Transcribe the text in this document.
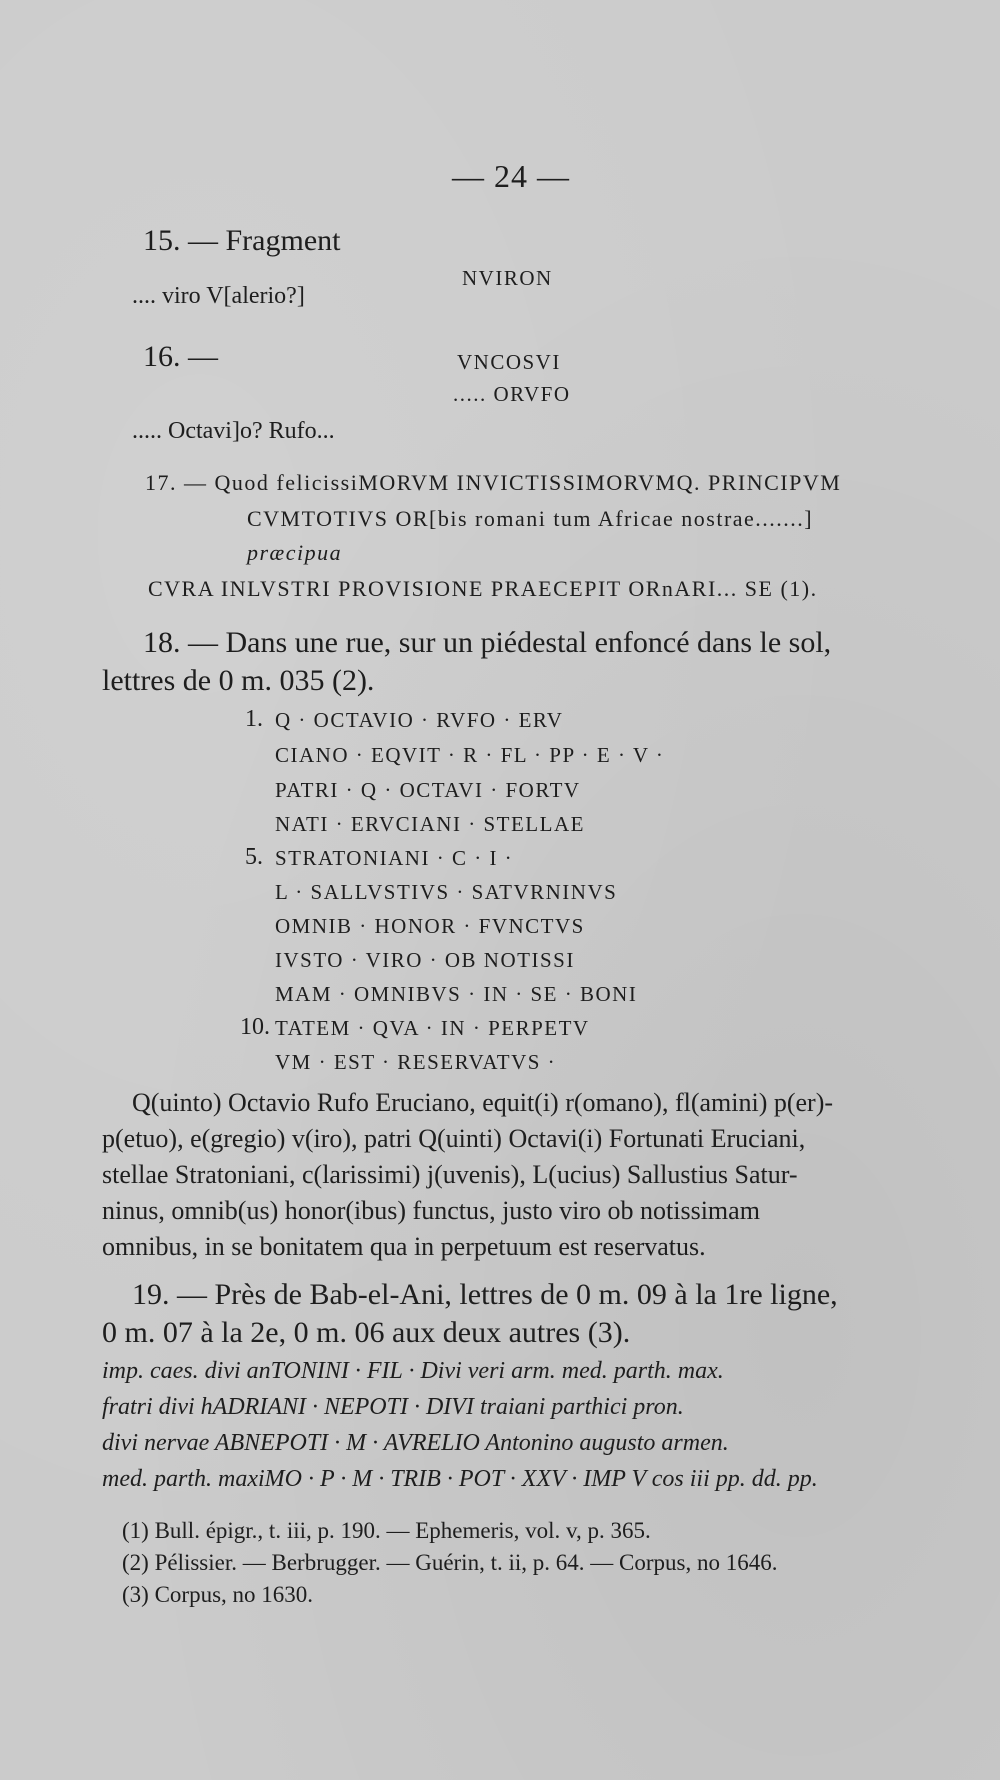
— 24 —
15. — Fragment
NVIRON
.... viro V[alerio?]
16. —	VNCOSVI
..... ORVFO
..... Octavi]o? Rufo...
17. — Quod felicissiMORVM INVICTISSIMORVMQ. PRINCIPVM
CVMTOTIVS OR[bis romani tum Africae nostrae.......]
præcipua
CVRA INLVSTRI PROVISIONE PRAECEPIT ORnARI... SE (1).
18. — Dans une rue, sur un piédestal enfoncé dans le sol,
lettres de 0 m. 035 (2).
1. Q · OCTAVIO · RVFO · ERV
CIANO · EQVIT · R · FL · PP · E · V ·
PATRI · Q · OCTAVI · FORTV
NATI · ERVCIANI · STELLAE
5. STRATONIANI · C · I ·
L · SALLVSTIVS · SATVRNINVS
OMNIB · HONOR · FVNCTVS
IVSTO · VIRO · OB NOTISSI
MAM · OMNIBVS · IN · SE · BONI
10. TATEM · QVA · IN · PERPETV
VM · EST · RESERVATVS ·
Q(uinto) Octavio Rufo Eruciano, equit(i) r(omano), fl(amini) p(er)-
p(etuo), e(gregio) v(iro), patri Q(uinti) Octavi(i) Fortunati Eruciani,
stellae Stratoniani, c(larissimi) j(uvenis), L(ucius) Sallustius Satur-
ninus, omnib(us) honor(ibus) functus, justo viro ob notissimam
omnibus, in se bonitatem qua in perpetuum est reservatus.
19. — Près de Bab-el-Ani, lettres de 0 m. 09 à la 1re ligne,
0 m. 07 à la 2e, 0 m. 06 aux deux autres (3).
imp. caes. divi anTONINI · FIL · Divi veri arm. med. parth. max.
fratri divi hADRIANI · NEPOTI · DIVI traiani parthici pron.
divi nervae ABNEPOTI · M · AVRELIO Antonino augusto armen.
med. parth. maxiMO · P · M · TRIB · POT · XXV · IMP V cos iii pp. dd. pp.
(1) Bull. épigr., t. iii, p. 190. — Ephemeris, vol. v, p. 365.
(2) Pélissier. — Berbrugger. — Guérin, t. ii, p. 64. — Corpus, no 1646.
(3) Corpus, no 1630.
